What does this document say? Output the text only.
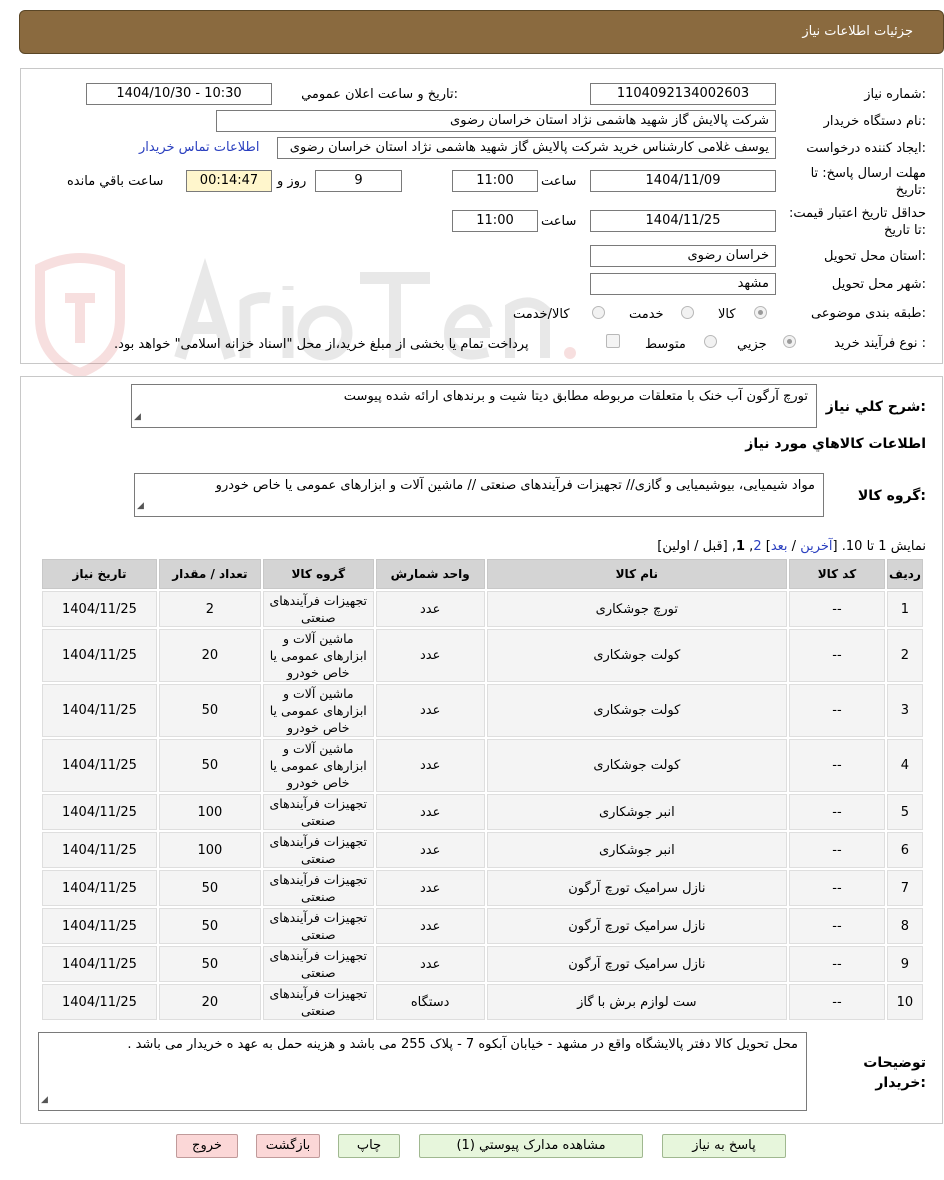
جزئيات اطلاعات نياز
شماره نياز:
1104092134002603
تاريخ و ساعت اعلان عمومي:
1404/10/30 - 10:30
نام دستگاه خريدار:
شرکت پالایش گاز شهید هاشمی نژاد استان خراسان رضوی
ايجاد کننده درخواست:
یوسف غلامی کارشناس خرید شرکت پالایش گاز شهید هاشمی نژاد استان خراسان رضوی
اطلاعات تماس خريدار
مهلت ارسال پاسخ: تا تاريخ:
1404/11/09
ساعت
11:00
9
روز و
00:14:47
ساعت باقي مانده
حداقل تاريخ اعتبار قيمت: تا تاريخ:
1404/11/25
ساعت
11:00
استان محل تحويل:
خراسان رضوی
شهر محل تحويل:
مشهد
طبقه بندی موضوعی:
کالا
خدمت
کالا/خدمت
نوع فرآيند خريد :
جزيي
متوسط
پرداخت تمام يا بخشی از مبلغ خريد،از محل "اسناد خزانه اسلامی" خواهد بود.
شرح کلي نياز:
تورچ آرگون آب خنک با متعلقات مربوطه مطابق دیتا شیت و برندهای ارائه شده پیوست
◢
اطلاعات کالاهاي مورد نياز
گروه کالا:
مواد شیمیایی، بیوشیمیایی و گازی// تجهیزات فرآیندهای صنعتی // ماشین آلات و ابزارهای عمومی یا خاص خودرو
◢
نمایش 1 تا 10. [آخرین / بعد] 2, 1, [قبل / اولین]
ردیف	کد کالا	نام کالا	واحد شمارش	گروه کالا	تعداد / مقدار	تاریخ نیاز
1	--	تورچ جوشکاری	عدد	تجهیزات فرآیندهای صنعتی	2	1404/11/25
2	--	کولت جوشکاری	عدد	ماشین آلات و ابزارهای عمومی یا خاص خودرو	20	1404/11/25
3	--	کولت جوشکاری	عدد	ماشین آلات و ابزارهای عمومی یا خاص خودرو	50	1404/11/25
4	--	کولت جوشکاری	عدد	ماشین آلات و ابزارهای عمومی یا خاص خودرو	50	1404/11/25
5	--	انبر جوشکاری	عدد	تجهیزات فرآیندهای صنعتی	100	1404/11/25
6	--	انبر جوشکاری	عدد	تجهیزات فرآیندهای صنعتی	100	1404/11/25
7	--	نازل سرامیک تورچ آرگون	عدد	تجهیزات فرآیندهای صنعتی	50	1404/11/25
8	--	نازل سرامیک تورچ آرگون	عدد	تجهیزات فرآیندهای صنعتی	50	1404/11/25
9	--	نازل سرامیک تورچ آرگون	عدد	تجهیزات فرآیندهای صنعتی	50	1404/11/25
10	--	ست لوازم برش با گاز	دستگاه	تجهیزات فرآیندهای صنعتی	20	1404/11/25
توضيحات خريدار:
محل تحویل کالا دفتر پالایشگاه واقع در مشهد - خیابان آبکوه 7 - پلاک 255 می باشد و هزینه حمل به عهد ه خریدار می باشد .
◢
پاسخ به نياز
مشاهده مدارک پيوستي (1)
چاپ
بازگشت
خروج
